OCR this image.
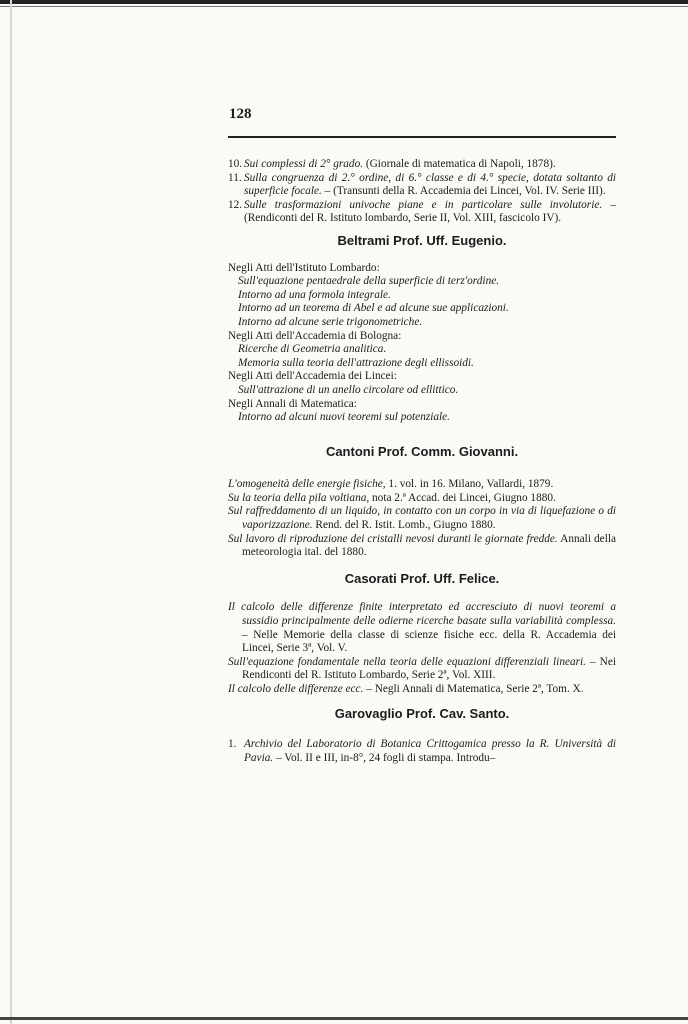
128
10. Sui complessi di 2° grado. (Giornale di matematica di Napoli, 1878).
11. Sulla congruenza di 2.° ordine, di 6.° classe e di 4.° specie, dotata soltanto di superficie focale. – (Transunti della R. Accademia dei Lincei, Vol. IV. Serie III).
12. Sulle trasformazioni univoche piane e in particolare sulle involutorie. – (Rendiconti del R. Istituto lombardo, Serie II, Vol. XIII, fascicolo IV).

Beltrami Prof. Uff. Eugenio.

Negli Atti dell'Istituto Lombardo:

Sull'equazione pentaedrale della superficie di terz'ordine.

Intorno ad una formola integrale.

Intorno ad un teorema di Abel e ad alcune sue applicazioni.

Intorno ad alcune serie trigonometriche.

Negli Atti dell'Accademia di Bologna:

Ricerche di Geometria analitica.

Memoria sulla teoria dell'attrazione degli ellissoidi.

Negli Atti dell'Accademia dei Lincei:

Sull'attrazione di un anello circolare od ellittico.

Negli Annali di Matematica:

Intorno ad alcuni nuovi teoremi sul potenziale.

Cantoni Prof. Comm. Giovanni.

L'omogeneità delle energie fisiche, 1. vol. in 16. Milano, Vallardi, 1879.

Su la teoria della pila voltiana, nota 2.ª Accad. dei Lincei, Giugno 1880.

Sul raffreddamento di un liquido, in contatto con un corpo in via di liquefazione o di vaporizzazione. Rend. del R. Istit. Lomb., Giugno 1880.

Sul lavoro di riproduzione dei cristalli nevosi duranti le giornate fredde. Annali della meteorologia ital. del 1880.

Casorati Prof. Uff. Felice.

Il calcolo delle differenze finite interpretato ed accresciuto di nuovi teoremi a sussidio principalmente delle odierne ricerche basate sulla variabilità complessa. – Nelle Memorie della classe di scienze fisiche ecc. della R. Accademia dei Lincei, Serie 3ª, Vol. V.

Sull'equazione fondamentale nella teoria delle equazioni differenziali lineari. – Nei Rendiconti del R. Istituto Lombardo, Serie 2ª, Vol. XIII.

Il calcolo delle differenze ecc. – Negli Annali di Matematica, Serie 2ª, Tom. X.

Garovaglio Prof. Cav. Santo.

1. Archivio del Laboratorio di Botanica Crittogamica presso la R. Università di Pavia. – Vol. II e III, in-8°, 24 fogli di stampa. Introdu–
